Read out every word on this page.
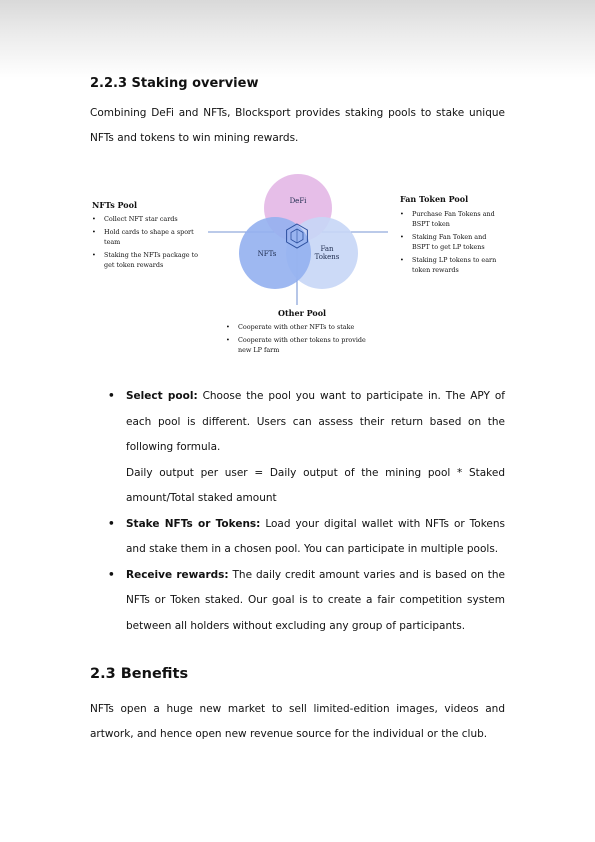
2.2.3 Staking overview
Combining DeFi and NFTs, Blocksport provides staking pools to stake unique
NFTs and tokens to win mining rewards.
DeFi
NFTs
Fan Tokens
NFTs Pool
• Collect NFT star cards
• Hold cards to shape a sport team
• Staking the NFTs package to get token rewards
Fan Token Pool
• Purchase Fan Tokens and BSPT token
• Staking Fan Token and BSPT to get LP tokens
• Staking LP tokens to earn token rewards
Other Pool
• Cooperate with other NFTs to stake
• Cooperate with other tokens to provide new LP farm
• Select pool: Choose the pool you want to participate in. The APY of each pool is different. Users can assess their return based on the following formula.
Daily output per user = Daily output of the mining pool * Staked amount/Total staked amount
• Stake NFTs or Tokens: Load your digital wallet with NFTs or Tokens and stake them in a chosen pool. You can participate in multiple pools.
• Receive rewards: The daily credit amount varies and is based on the NFTs or Token staked. Our goal is to create a fair competition system between all holders without excluding any group of participants.
2.3 Benefits
NFTs open a huge new market to sell limited-edition images, videos and artwork, and hence open new revenue source for the individual or the club.
